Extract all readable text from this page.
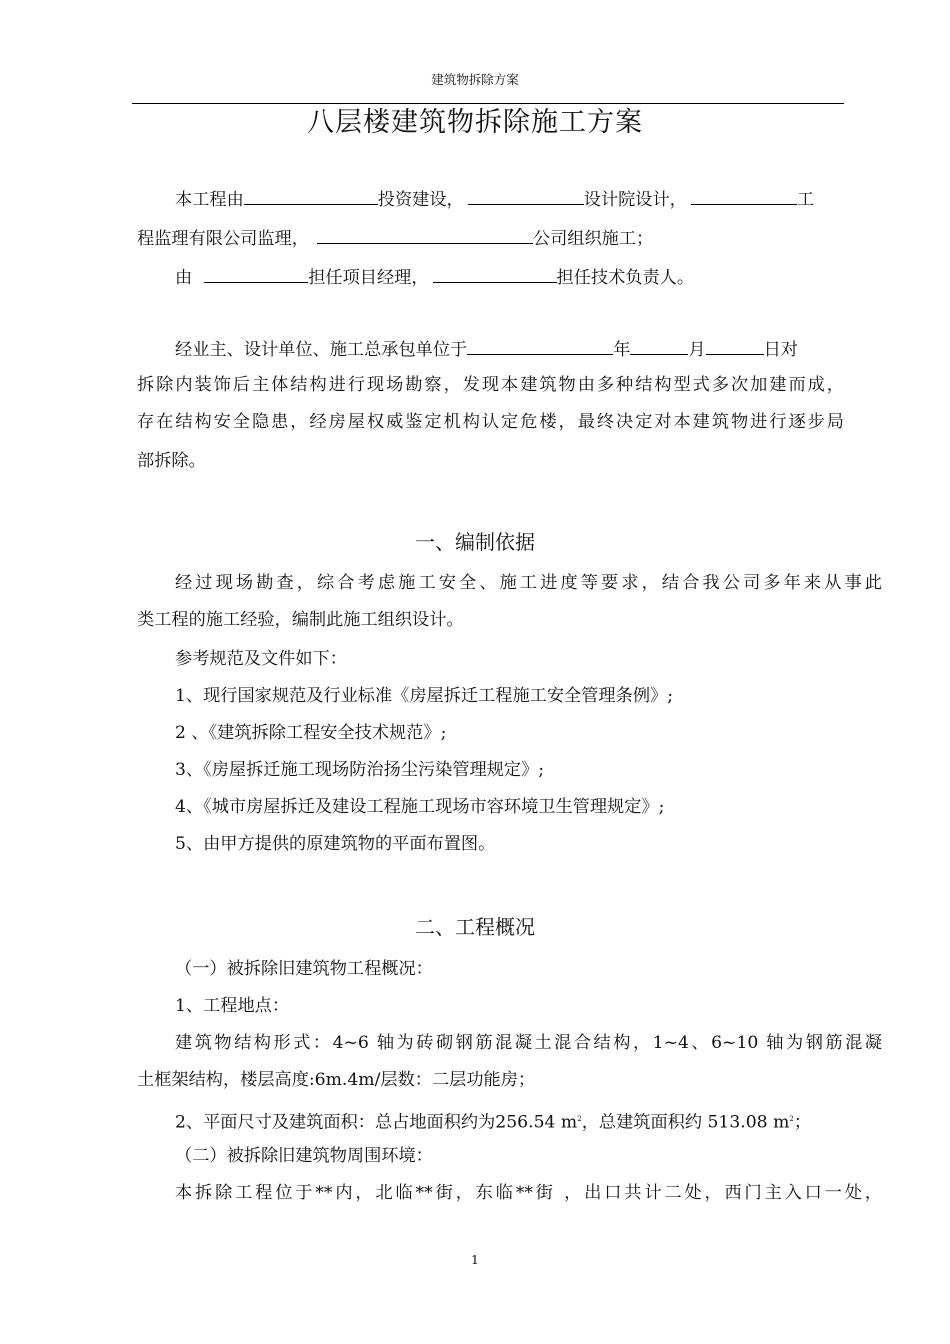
建筑物拆除方案
八层楼建筑物拆除施工方案
本工程由	投资建设，	设计院设计，	工
程监理有限公司监理，	公司组织施工；
由	担任项目经理，	担任技术负责人。
经业主、设计单位、施工总承包单位于	年	月	日对
拆除内装饰后主体结构进行现场勘察，发现本建筑物由多种结构型式多次加建而成，
存在结构安全隐患，经房屋权威鉴定机构认定危楼，最终决定对本建筑物进行逐步局
部拆除。
一、编制依据
经过现场勘查，综合考虑施工安全、施工进度等要求，结合我公司多年来从事此
类工程的施工经验，编制此施工组织设计。
参考规范及文件如下：
1、现行国家规范及行业标准《房屋拆迁工程施工安全管理条例》;
2 、《建筑拆除工程安全技术规范》;
3、《房屋拆迁施工现场防治扬尘污染管理规定》;
4、《城市房屋拆迁及建设工程施工现场市容环境卫生管理规定》;
5、由甲方提供的原建筑物的平面布置图。
二、工程概况
（一）被拆除旧建筑物工程概况：
1、工程地点：
建筑物结构形式：4~6 轴为砖砌钢筋混凝土混合结构，1~4、6~10 轴为钢筋混凝
土框架结构，楼层高度:6m.4m/层数：二层功能房；
2、平面尺寸及建筑面积：总占地面积约为256.54 $m^2$，总建筑面积约 513.08 $m^2$；
（二）被拆除旧建筑物周围环境：
本拆除工程位于**内，北临**街，东临**街 ，出口共计二处，西门主入口一处，
1
